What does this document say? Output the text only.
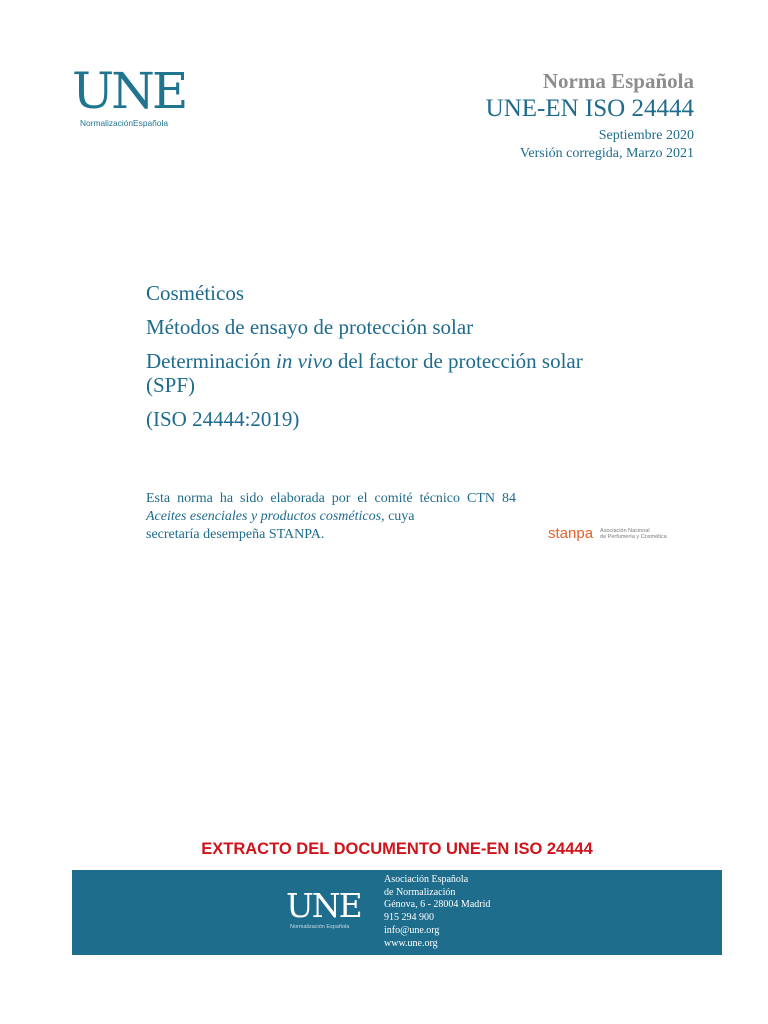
UNE
NormalizaciónEspañola
Norma Española
UNE-EN ISO 24444
Septiembre 2020
Versión corregida, Marzo 2021
Cosméticos
Métodos de ensayo de protección solar
Determinación in vivo del factor de protección solar
(SPF)
(ISO 24444:2019)
Esta norma ha sido elaborada por el comité técnico CTN 84 Aceites esenciales y productos cosméticos, cuya
secretaría desempeña STANPA.	stanpa Asociación Nacional
de Perfumería y Cosmética
EXTRACTO DEL DOCUMENTO UNE-EN ISO 24444
UNE
Normalización Española
Asociación Española
de Normalización
Génova, 6 - 28004 Madrid
915 294 900
info@une.org
www.une.org
